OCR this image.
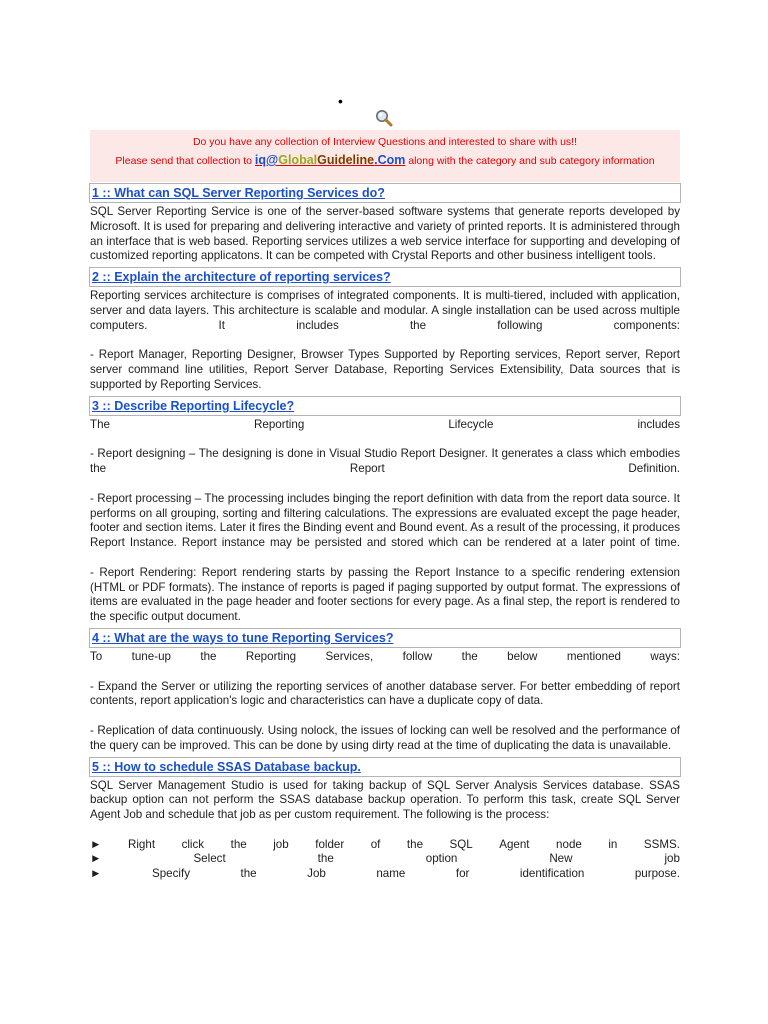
•
Do you have any collection of Interview Questions and interested to share with us!!
Please send that collection to iq@GlobalGuideline.Com along with the category and sub category information
1 :: What can SQL Server Reporting Services do?

SQL Server Reporting Service is one of the server-based software systems that generate reports developed by Microsoft. It is used for preparing and delivering interactive and variety of printed reports. It is administered through an interface that is web based. Reporting services utilizes a web service interface for supporting and developing of customized reporting applicatons. It can be competed with Crystal Reports and other business intelligent tools.

2 :: Explain the architecture of reporting services?

Reporting services architecture is comprises of integrated components. It is multi-tiered, included with application, server and data layers. This architecture is scalable and modular. A single installation can be used across multiple computers. It includes the following components:

- Report Manager, Reporting Designer, Browser Types Supported by Reporting services, Report server, Report server command line utilities, Report Server Database, Reporting Services Extensibility, Data sources that is supported by Reporting Services.

3 :: Describe Reporting Lifecycle?

The Reporting Lifecycle includes

- Report designing – The designing is done in Visual Studio Report Designer. It generates a class which embodies the Report Definition.

- Report processing – The processing includes binging the report definition with data from the report data source. It performs on all grouping, sorting and filtering calculations. The expressions are evaluated except the page header, footer and section items. Later it fires the Binding event and Bound event. As a result of the processing, it produces Report Instance. Report instance may be persisted and stored which can be rendered at a later point of time.

- Report Rendering: Report rendering starts by passing the Report Instance to a specific rendering extension (HTML or PDF formats). The instance of reports is paged if paging supported by output format. The expressions of items are evaluated in the page header and footer sections for every page. As a final step, the report is rendered to the specific output document.

4 :: What are the ways to tune Reporting Services?

To tune-up the Reporting Services, follow the below mentioned ways:

- Expand the Server or utilizing the reporting services of another database server. For better embedding of report contents, report application's logic and characteristics can have a duplicate copy of data.

- Replication of data continuously. Using nolock, the issues of locking can well be resolved and the performance of the query can be improved. This can be done by using dirty read at the time of duplicating the data is unavailable.

5 :: How to schedule SSAS Database backup.

SQL Server Management Studio is used for taking backup of SQL Server Analysis Services database. SSAS backup option can not perform the SSAS database backup operation. To perform this task, create SQL Server Agent Job and schedule that job as per custom requirement. The following is the process:

► Right click the job folder of the SQL Agent node in SSMS.
►	Select	the	option	New	job
►	Specify	the	Job	name	for	identification	purpose.
